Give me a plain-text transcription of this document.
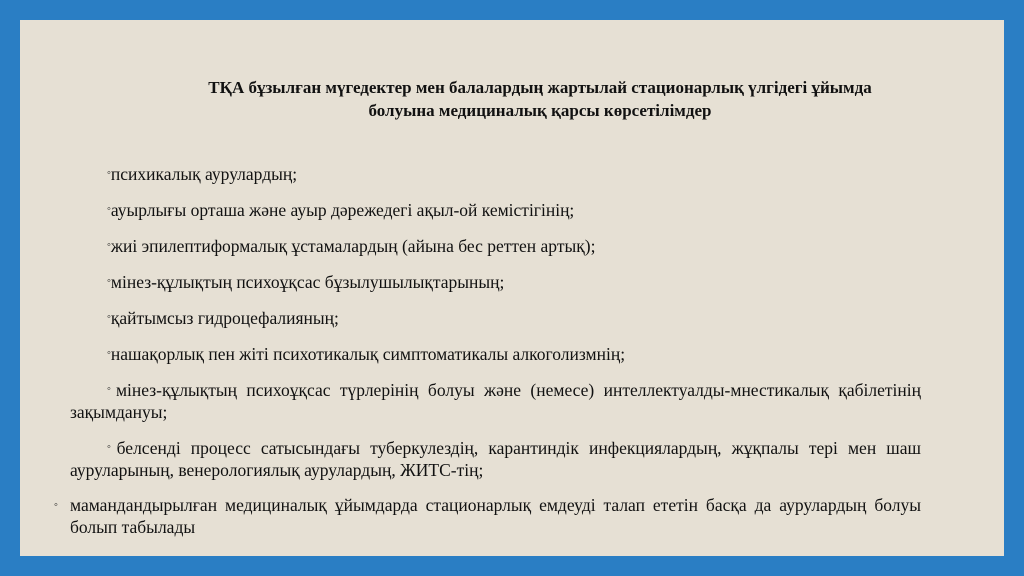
ТҚА бұзылған мүгедектер мен балалардың жартылай стационарлық үлгідегі ұйымда
болуына медициналық қарсы көрсетілімдер

◦психикалық аурулардың;

◦ауырлығы орташа және ауыр дәрежедегі ақыл-ой кемістігінің;

◦жиі эпилептиформалық ұстамалардың (айына бес реттен артық);

◦мінез-құлықтың психоұқсас бұзылушылықтарының;

◦қайтымсыз гидроцефалияның;

◦нашақорлық пен жіті психотикалық симптоматикалы алкоголизмнің;

◦мінез-құлықтың психоұқсас түрлерінің болуы және (немесе) интеллектуалды-мнестикалық қабілетінің зақымдануы;

◦белсенді процесс сатысындағы туберкулездің, карантиндік инфекциялардың, жұқпалы тері мен шаш ауруларының, венерологиялық аурулардың, ЖИТС-тің;

◦ мамандандырылған медициналық ұйымдарда стационарлық емдеуді талап ететін басқа да аурулардың болуы болып табылады
